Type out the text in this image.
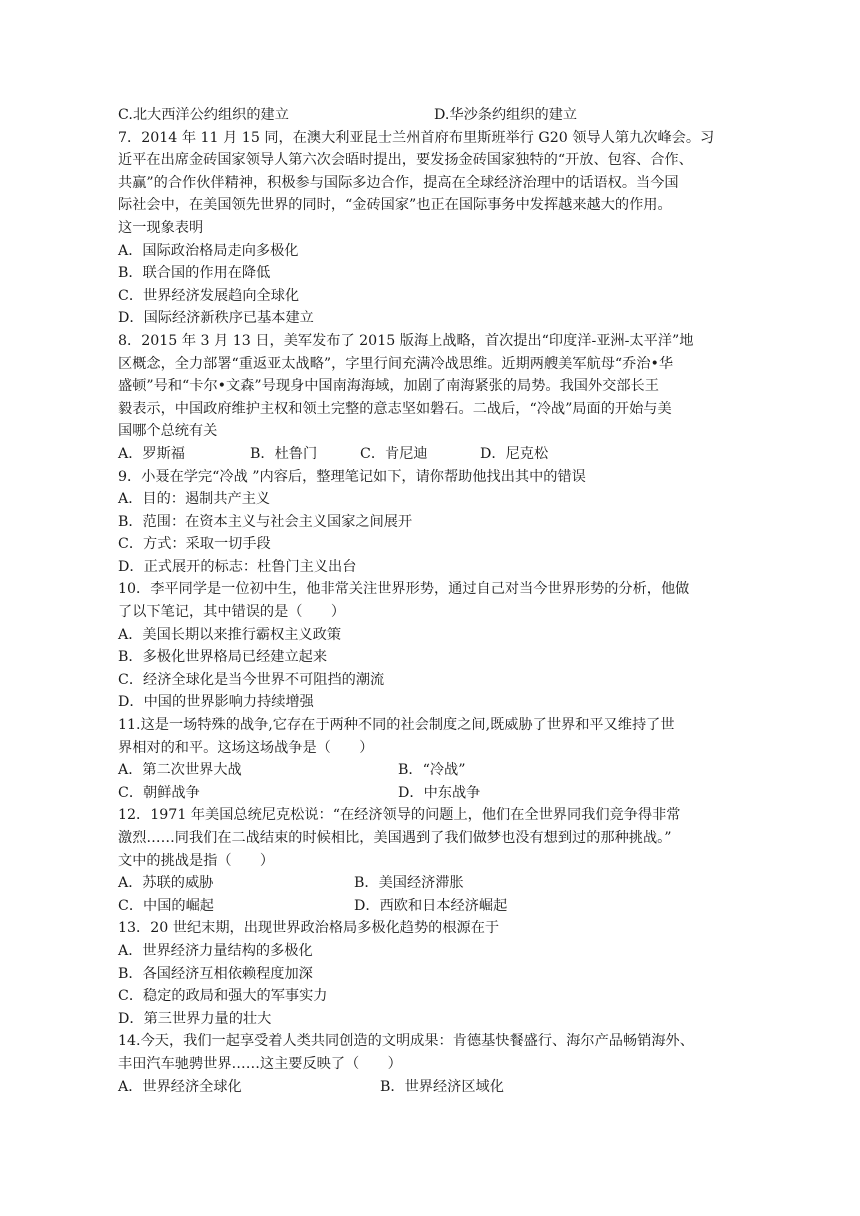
C.北大西洋公约组织的建立	D.华沙条约组织的建立
7．2014 年 11 月 15 同，在澳大利亚昆士兰州首府布里斯班举行 G20 领导人第九次峰会。习
近平在出席金砖国家领导人第六次会晤时提出，要发扬金砖国家独特的“开放、包容、合作、
共赢”的合作伙伴精神，积极参与国际多边合作，提高在全球经济治理中的话语权。当今国
际社会中，在美国领先世界的同时，“金砖国家”也正在国际事务中发挥越来越大的作用。
这一现象表明
A．国际政治格局走向多极化
B．联合国的作用在降低
C．世界经济发展趋向全球化
D．国际经济新秩序已基本建立
8．2015 年 3 月 13 日，美军发布了 2015 版海上战略，首次提出“印度洋-亚洲-太平洋”地
区概念，全力部署“重返亚太战略”，字里行间充满冷战思维。近期两艘美军航母“乔治•华
盛顿”号和“卡尔•文森”号现身中国南海海域，加剧了南海紧张的局势。我国外交部长王
毅表示，中国政府维护主权和领土完整的意志坚如磐石。二战后，“冷战”局面的开始与美
国哪个总统有关
A．罗斯福	B．杜鲁门	C．肯尼迪	D．尼克松
9．小聂在学完“冷战 ”内容后，整理笔记如下，请你帮助他找出其中的错误
A．目的：遏制共产主义
B．范围：在资本主义与社会主义国家之间展开
C．方式：采取一切手段
D．正式展开的标志：杜鲁门主义出台
10．李平同学是一位初中生，他非常关注世界形势，通过自己对当今世界形势的分析，他做
了以下笔记，其中错误的是（　　）
A．美国长期以来推行霸权主义政策
B．多极化世界格局已经建立起来
C．经济全球化是当今世界不可阻挡的潮流
D．中国的世界影响力持续增强
11.这是一场特殊的战争,它存在于两种不同的社会制度之间,既威胁了世界和平又维持了世
界相对的和平。这场这场战争是（　　）
A．第二次世界大战	B．“冷战”
C．朝鲜战争	D．中东战争
12．1971 年美国总统尼克松说：“在经济领导的问题上，他们在全世界同我们竞争得非常
激烈……同我们在二战结束的时候相比，美国遇到了我们做梦也没有想到过的那种挑战。”
文中的挑战是指（　　）
A．苏联的威胁	B．美国经济滞胀
C．中国的崛起	D．西欧和日本经济崛起
13．20 世纪末期，出现世界政治格局多极化趋势的根源在于
A．世界经济力量结构的多极化
B．各国经济互相依赖程度加深
C．稳定的政局和强大的军事实力
D．第三世界力量的壮大
14.今天，我们一起享受着人类共同创造的文明成果：肯德基快餐盛行、海尔产品畅销海外、
丰田汽车驰骋世界……这主要反映了（　　）
A．世界经济全球化	B．世界经济区域化
